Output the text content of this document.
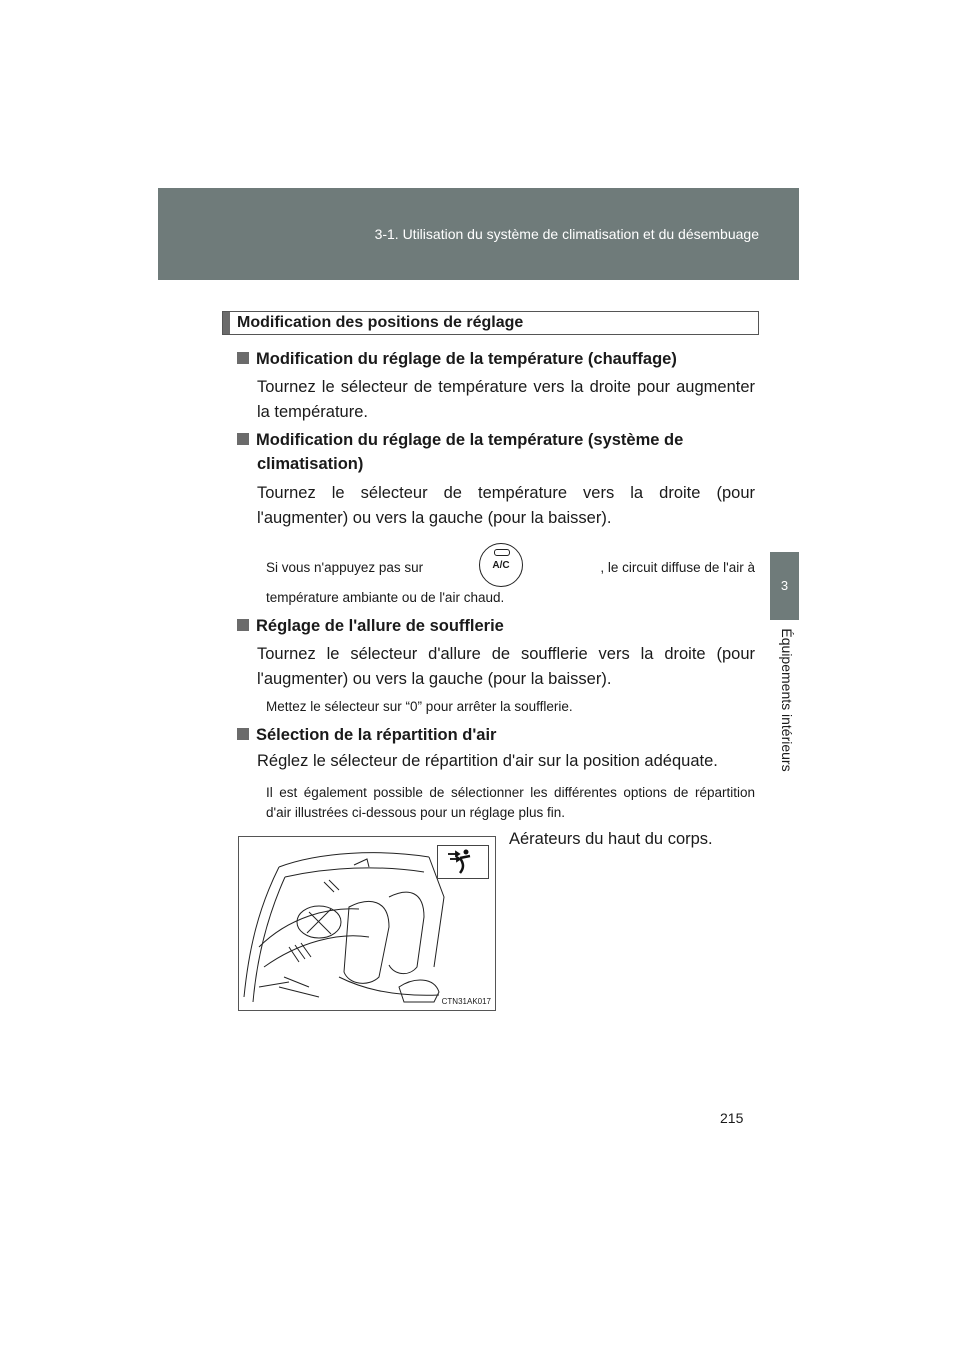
3-1. Utilisation du système de climatisation et du désembuage
3
Équipements intérieurs
Modification des positions de réglage
Modification du réglage de la température (chauffage)
Tournez le sélecteur de température vers la droite pour augmenter la température.
Modification du réglage de la température (système de
climatisation)
Tournez le sélecteur de température vers la droite (pour l'augmenter) ou vers la gauche (pour la baisser).
Si vous n'appuyez pas sur	, le circuit diffuse de l'air à
A/C
température ambiante ou de l'air chaud.
Réglage de l'allure de soufflerie
Tournez le sélecteur d'allure de soufflerie vers la droite (pour l'augmenter) ou vers la gauche (pour la baisser).
Mettez le sélecteur sur “0” pour arrêter la soufflerie.
Sélection de la répartition d'air
Réglez le sélecteur de répartition d'air sur la position adéquate.
Il est également possible de sélectionner les différentes options de répartition d'air illustrées ci-dessous pour un réglage plus fin.
CTN31AK017
Aérateurs du haut du corps.
215
